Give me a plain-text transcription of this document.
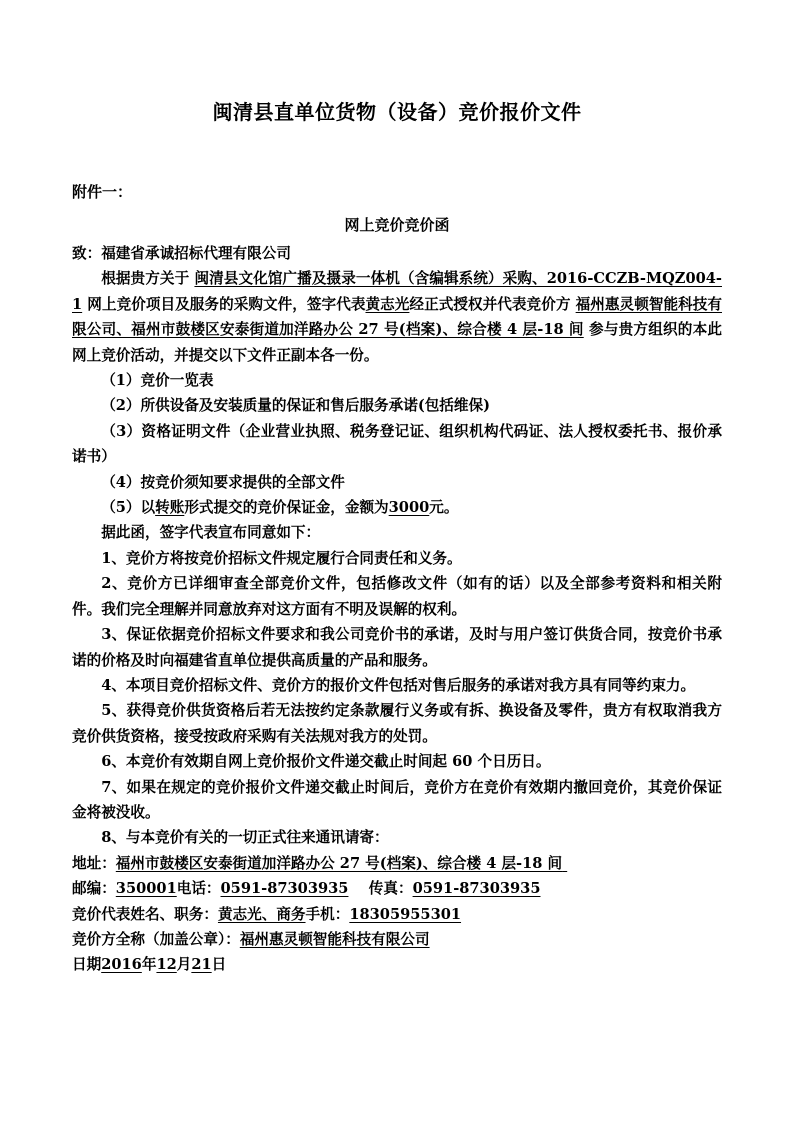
闽清县直单位货物（设备）竞价报价文件
附件一：
网上竞价竞价函

致：福建省承诚招标代理有限公司

根据贵方关于 闽清县文化馆广播及摄录一体机（含编辑系统）采购、2016-CCZB-MQZ004-1 网上竞价项目及服务的采购文件，签字代表黄志光经正式授权并代表竞价方 福州惠灵顿智能科技有限公司、福州市鼓楼区安泰街道加洋路办公 27 号(档案)、综合楼 4 层-18 间 参与贵方组织的本此网上竞价活动，并提交以下文件正副本各一份。

（1）竞价一览表

（2）所供设备及安装质量的保证和售后服务承诺(包括维保)

（3）资格证明文件（企业营业执照、税务登记证、组织机构代码证、法人授权委托书、报价承诺书）

（4）按竞价须知要求提供的全部文件

（5）以转账形式提交的竞价保证金，金额为3000元。

据此函，签字代表宣布同意如下：

1、竞价方将按竞价招标文件规定履行合同责任和义务。

2、竞价方已详细审查全部竞价文件，包括修改文件（如有的话）以及全部参考资料和相关附件。我们完全理解并同意放弃对这方面有不明及误解的权利。

3、保证依据竞价招标文件要求和我公司竞价书的承诺，及时与用户签订供货合同，按竞价书承诺的价格及时向福建省直单位提供高质量的产品和服务。

4、本项目竞价招标文件、竞价方的报价文件包括对售后服务的承诺对我方具有同等约束力。

5、获得竞价供货资格后若无法按约定条款履行义务或有拆、换设备及零件，贵方有权取消我方竞价供货资格，接受按政府采购有关法规对我方的处罚。

6、本竞价有效期自网上竞价报价文件递交截止时间起 60 个日历日。

7、如果在规定的竞价报价文件递交截止时间后，竞价方在竞价有效期内撤回竞价，其竞价保证金将被没收。

8、与本竞价有关的一切正式往来通讯请寄：

地址：福州市鼓楼区安泰街道加洋路办公 27 号(档案)、综合楼 4 层-18 间

邮编：350001电话：0591-87303935 传真：0591-87303935

竞价代表姓名、职务：黄志光、商务手机：18305955301

竞价方全称（加盖公章）：福州惠灵顿智能科技有限公司

日期2016年12月21日
